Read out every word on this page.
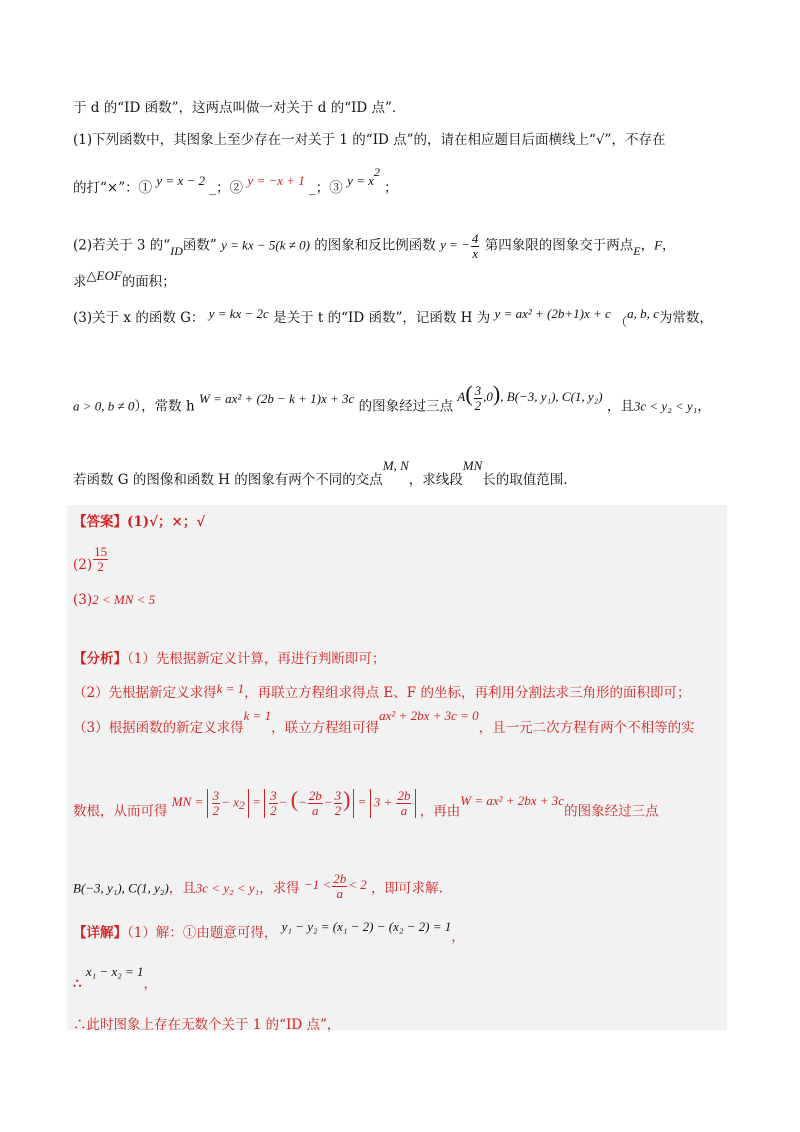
于 d 的“ID 函数”，这两点叫做一对关于 d 的“ID 点”．
(1)下列函数中，其图象上至少存在一对关于 1 的“ID 点”的，请在相应题目后面横线上“√”，不存在
的打“×”：① y = x − 2 _；② y = −x + 1 _；③ y = x2 ；
(2)若关于 3 的“ID函数” y = kx − 5(k ≠ 0) 的图象和反比例函数 y = − $\frac{4}{x}$ 第四象限的图象交于两点E，F，
求△EOF的面积；
(3)关于 x 的函数 G： y = kx − 2c 是关于 t 的“ID 函数”，记函数 H 为 y = ax² + (2b+1)x + c （a, b, c为常数，
a > 0, b ≠ 0），常数 h W = ax² + (2b − k + 1)x + 3c 的图象经过三点 $A( \frac{3}{2} ,0)$, B(−3, y₁), C(1, y₂) ，且3c < y₂ < y₁，
若函数 G 的图像和函数 H 的图象有两个不同的交点M, N，求线段MN长的取值范围.
【答案】(1)√；×；√
$(2) \frac{15}{2}$
(3)2 < MN < 5
【分析】（1）先根据新定义计算，再进行判断即可；
（2）先根据新定义求得k = 1，再联立方程组求得点 E、F 的坐标，再利用分割法求三角形的面积即可；
（3）根据函数的新定义求得k = 1，联立方程组可得ax² + 2bx + 3c = 0，且一元二次方程有两个不相等的实
数根，从而可得 MN = $\frac{3}{2} - x2 = \frac{3}{2}$ − (− $\frac{2b}{a} - \frac{3}{2}$ ) = $3 + \frac{2b}{a}$ ，再由W = ax² + 2bx + 3c的图象经过三点
B(−3, y₁), C(1, y₂)，且3c < y₂ < y₁，求得 $-1 < \frac{2b}{a} < 2$ ，即可求解.
【详解】（1）解：①由题意可得， y₁ − y₂ = (x₁ − 2) − (x₂ − 2) = 1，
∴ x₁ − x₂ = 1，
∴此时图象上存在无数个关于 1 的“ID 点”，
